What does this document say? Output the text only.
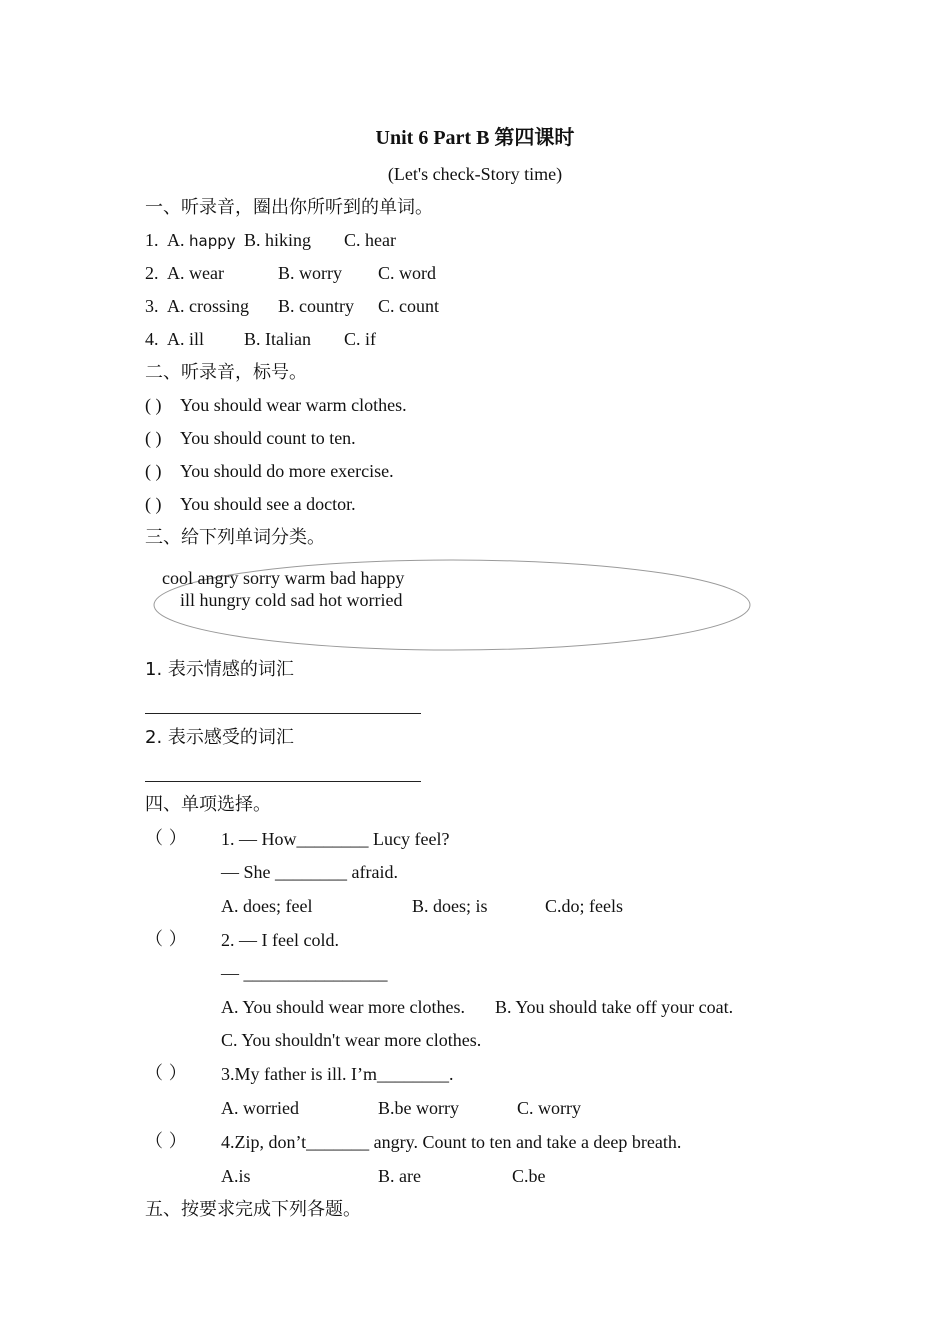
Unit 6 Part B 第四课时
(Let's check-Story time)
一、听录音，圈出你所听到的单词。
1. A. happy B. hiking C. hear
2. A. wear	B. worry C. word
3. A. crossing B. country C. count
4. A. ill B. Italian C. if
二、听录音，标号。
( ) You should wear warm clothes.
( ) You should count to ten.
( ) You should do more exercise.
( ) You should see a doctor.
三、给下列单词分类。
cool angry sorry warm bad happy
ill hungry cold sad hot worried
1. 表示情感的词汇
2. 表示感受的词汇
四、单项选择。
（ ） 1. — How________ Lucy feel?
— She ________ afraid.
A. does; feel	B. does; is	C.do; feels
（ ） 2. — I feel cold.
— ________________
A. You should wear more clothes. B. You should take off your coat.
C. You shouldn't wear more clothes.
（ ） 3.My father is ill. I’m________.
A. worried	B.be worry	C. worry
（ ） 4.Zip, don’t_______ angry. Count to ten and take a deep breath.
A.is	B. are	C.be
五、按要求完成下列各题。
